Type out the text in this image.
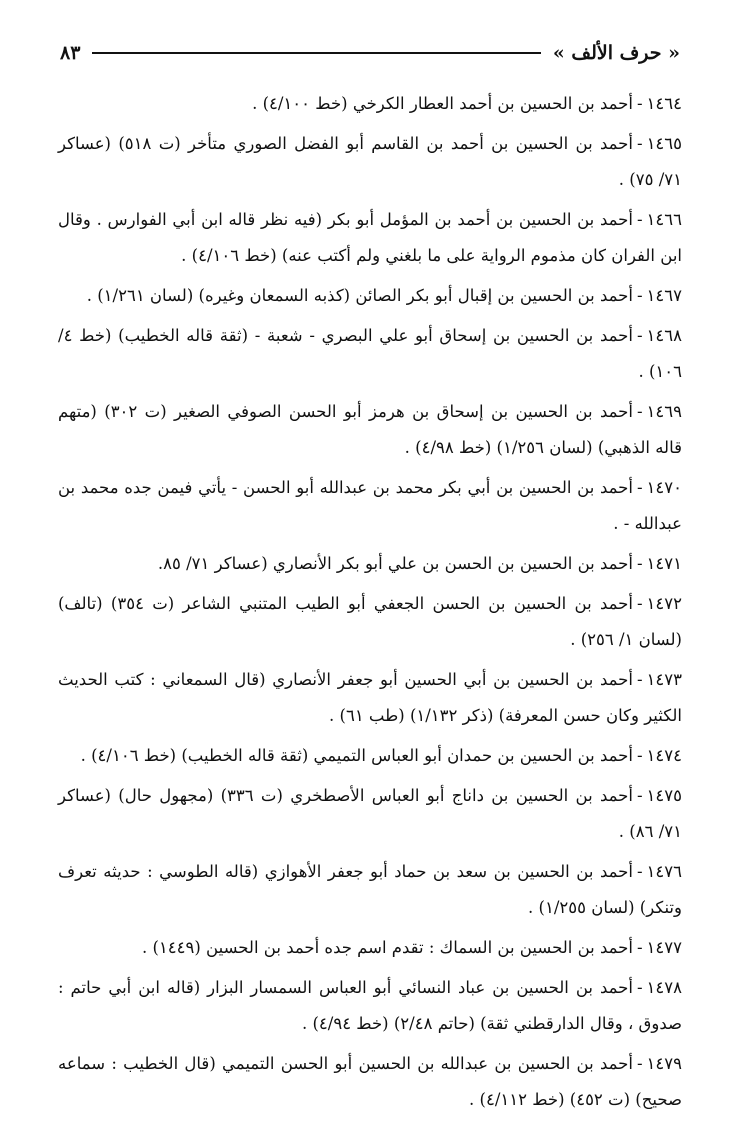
« حرف الألف »
٨٣

١٤٦٤-أحمد بن الحسين بن أحمد العطار الكرخي (خط ٤/١٠٠) .

١٤٦٥-أحمد بن الحسين بن أحمد بن القاسم أبو الفضل الصوري متأخر (ت ٥١٨) (عساكر ٧١/ ٧٥) .

١٤٦٦-أحمد بن الحسين بن أحمد بن المؤمل أبو بكر (فيه نظر قاله ابن أبي الفوارس . وقال ابن الفران كان مذموم الرواية على ما بلغني ولم أكتب عنه) (خط ٤/١٠٦) .

١٤٦٧-أحمد بن الحسين بن إقبال أبو بكر الصائن (كذبه السمعان وغيره) (لسان ١/٢٦١) .

١٤٦٨-أحمد بن الحسين بن إسحاق أبو علي البصري - شعبة - (ثقة قاله الخطيب) (خط ٤/ ١٠٦) .

١٤٦٩-أحمد بن الحسين بن إسحاق بن هرمز أبو الحسن الصوفي الصغير (ت ٣٠٢) (متهم قاله الذهبي) (لسان ١/٢٥٦) (خط ٤/٩٨) .

١٤٧٠-أحمد بن الحسين بن أبي بكر محمد بن عبدالله أبو الحسن - يأتي فيمن جده محمد بن عبدالله - .

١٤٧١-أحمد بن الحسين بن الحسن بن علي أبو بكر الأنصاري (عساكر ٧١/ ٨٥.

١٤٧٢-أحمد بن الحسين بن الحسن الجعفي أبو الطيب المتنبي الشاعر (ت ٣٥٤) (تالف) (لسان ١/ ٢٥٦) .

١٤٧٣-أحمد بن الحسين بن أبي الحسين أبو جعفر الأنصاري (قال السمعاني : كتب الحديث الكثير وكان حسن المعرفة) (ذكر ١/١٣٢) (طب ٦١) .

١٤٧٤-أحمد بن الحسين بن حمدان أبو العباس التميمي (ثقة قاله الخطيب) (خط ٤/١٠٦) .

١٤٧٥-أحمد بن الحسين بن داناج أبو العباس الأصطخري (ت ٣٣٦) (مجهول حال) (عساكر ٧١/ ٨٦) .

١٤٧٦-أحمد بن الحسين بن سعد بن حماد أبو جعفر الأهوازي (قاله الطوسي : حديثه تعرف وتنكر) (لسان ١/٢٥٥) .

١٤٧٧-أحمد بن الحسين بن السماك : تقدم اسم جده أحمد بن الحسين (١٤٤٩) .

١٤٧٨-أحمد بن الحسين بن عباد النسائي أبو العباس السمسار البزار (قاله ابن أبي حاتم : صدوق ، وقال الدارقطني ثقة) (حاتم ٢/٤٨) (خط ٤/٩٤) .

١٤٧٩-أحمد بن الحسين بن عبدالله بن الحسين أبو الحسن التميمي (قال الخطيب : سماعه صحيح) (ت ٤٥٢) (خط ٤/١١٢) .
